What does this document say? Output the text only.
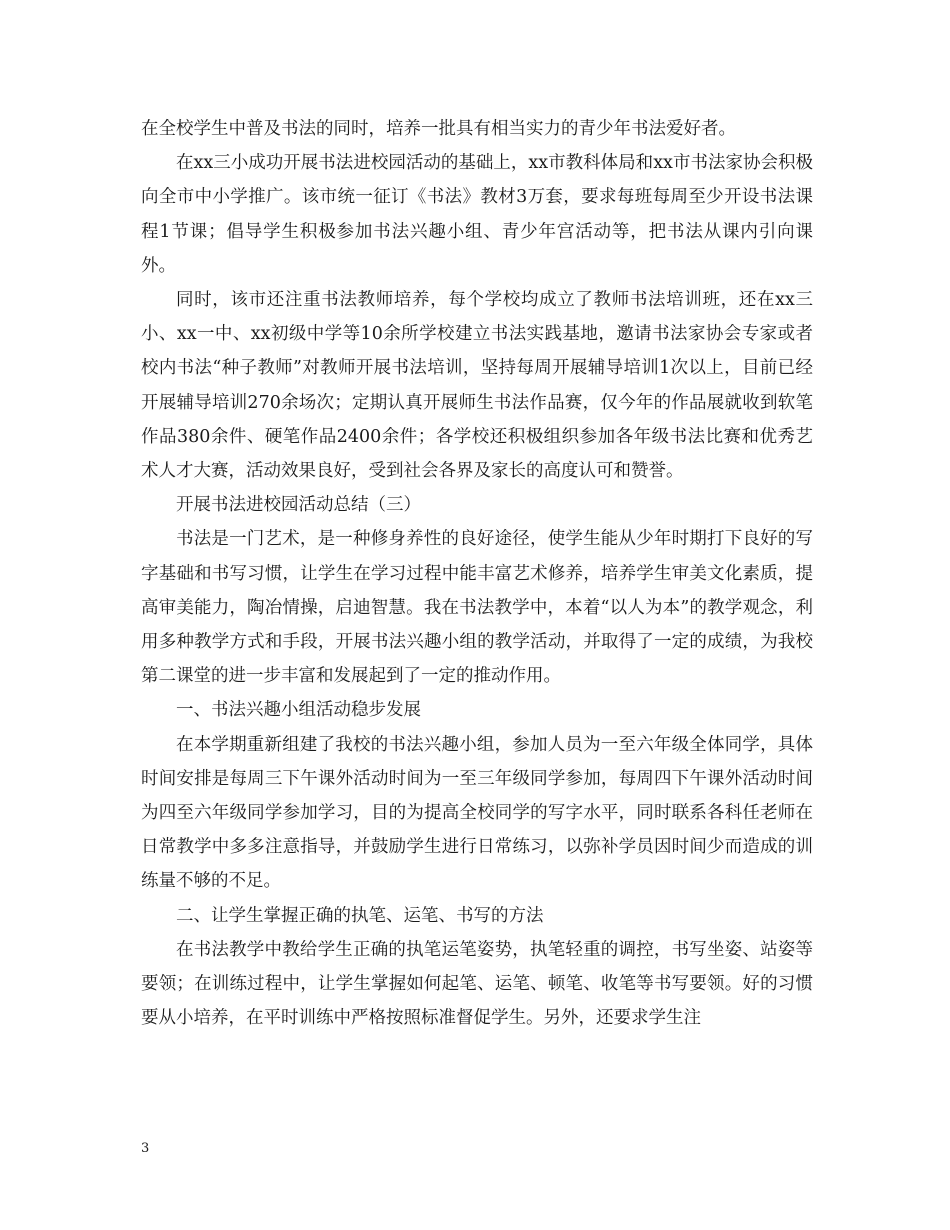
在全校学生中普及书法的同时，培养一批具有相当实力的青少年书法爱好者。

在xx三小成功开展书法进校园活动的基础上，xx市教科体局和xx市书法家协会积极向全市中小学推广。该市统一征订《书法》教材3万套，要求每班每周至少开设书法课程1节课；倡导学生积极参加书法兴趣小组、青少年宫活动等，把书法从课内引向课外。

同时，该市还注重书法教师培养，每个学校均成立了教师书法培训班，还在xx三小、xx一中、xx初级中学等10余所学校建立书法实践基地，邀请书法家协会专家或者校内书法“种子教师”对教师开展书法培训，坚持每周开展辅导培训1次以上，目前已经开展辅导培训270余场次；定期认真开展师生书法作品赛，仅今年的作品展就收到软笔作品380余件、硬笔作品2400余件；各学校还积极组织参加各年级书法比赛和优秀艺术人才大赛，活动效果良好，受到社会各界及家长的高度认可和赞誉。

开展书法进校园活动总结（三）

书法是一门艺术，是一种修身养性的良好途径，使学生能从少年时期打下良好的写字基础和书写习惯，让学生在学习过程中能丰富艺术修养，培养学生审美文化素质，提高审美能力，陶冶情操，启迪智慧。我在书法教学中，本着“以人为本”的教学观念，利用多种教学方式和手段，开展书法兴趣小组的教学活动，并取得了一定的成绩，为我校第二课堂的进一步丰富和发展起到了一定的推动作用。

一、书法兴趣小组活动稳步发展

在本学期重新组建了我校的书法兴趣小组，参加人员为一至六年级全体同学，具体时间安排是每周三下午课外活动时间为一至三年级同学参加，每周四下午课外活动时间为四至六年级同学参加学习，目的为提高全校同学的写字水平，同时联系各科任老师在日常教学中多多注意指导，并鼓励学生进行日常练习，以弥补学员因时间少而造成的训练量不够的不足。

二、让学生掌握正确的执笔、运笔、书写的方法

在书法教学中教给学生正确的执笔运笔姿势，执笔轻重的调控，书写坐姿、站姿等要领；在训练过程中，让学生掌握如何起笔、运笔、顿笔、收笔等书写要领。好的习惯要从小培养，在平时训练中严格按照标准督促学生。另外，还要求学生注

3
